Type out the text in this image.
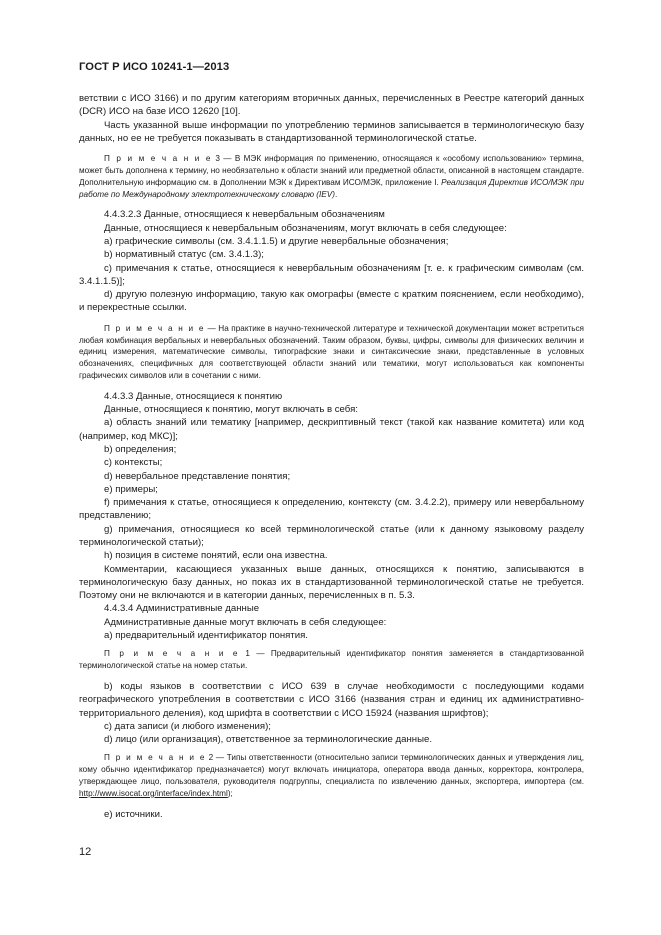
ГОСТ Р ИСО 10241-1—2013

ветствии с ИСО 3166) и по другим категориям вторичных данных, перечисленных в Реестре категорий данных (DCR) ИСО на базе ИСО 12620 [10].

Часть указанной выше информации по употреблению терминов записывается в терминологическую базу данных, но ее не требуется показывать в стандартизованной терминологической статье.

П р и м е ч а н и е 3 — В МЭК информация по применению, относящаяся к «особому использованию» термина, может быть дополнена к термину, но необязательно к области знаний или предметной области, описанной в настоящем стандарте. Дополнительную информацию см. в Дополнении МЭК к Директивам ИСО/МЭК, приложение I. Реализация Директив ИСО/МЭК при работе по Международному электротехническому словарю (IEV).

4.4.3.2.3 Данные, относящиеся к невербальным обозначениям

Данные, относящиеся к невербальным обозначениям, могут включать в себя следующее:

a) графические символы (см. 3.4.1.1.5) и другие невербальные обозначения;

b) нормативный статус (см. 3.4.1.3);

c) примечания к статье, относящиеся к невербальным обозначениям [т. е. к графическим символам (см. 3.4.1.1.5)];

d) другую полезную информацию, такую как омографы (вместе с кратким пояснением, если необходимо), и перекрестные ссылки.

П р и м е ч а н и е — На практике в научно-технической литературе и технической документации может встретиться любая комбинация вербальных и невербальных обозначений. Таким образом, буквы, цифры, символы для физических величин и единиц измерения, математические символы, типографские знаки и синтаксические знаки, представленные в условных обозначениях, специфичных для соответствующей области знаний или тематики, могут использоваться как компоненты графических символов или в сочетании с ними.

4.4.3.3 Данные, относящиеся к понятию

Данные, относящиеся к понятию, могут включать в себя:

a) область знаний или тематику [например, дескриптивный текст (такой как название комитета) или код (например, код МКС)];

b) определения;

c) контексты;

d) невербальное представление понятия;

e) примеры;

f) примечания к статье, относящиеся к определению, контексту (см. 3.4.2.2), примеру или невербальному представлению;

g) примечания, относящиеся ко всей терминологической статье (или к данному языковому разделу терминологической статьи);

h) позиция в системе понятий, если она известна.

Комментарии, касающиеся указанных выше данных, относящихся к понятию, записываются в терминологическую базу данных, но показ их в стандартизованной терминологической статье не требуется. Поэтому они не включаются и в категории данных, перечисленных в п. 5.3.

4.4.3.4 Административные данные

Административные данные могут включать в себя следующее:

a) предварительный идентификатор понятия.

П р и м е ч а н и е 1 — Предварительный идентификатор понятия заменяется в стандартизованной терминологической статье на номер статьи.

b) коды языков в соответствии с ИСО 639 в случае необходимости с последующими кодами географического употребления в соответствии с ИСО 3166 (названия стран и единиц их административно-территориального деления), код шрифта в соответствии с ИСО 15924 (названия шрифтов);

c) дата записи (и любого изменения);

d) лицо (или организация), ответственное за терминологические данные.

П р и м е ч а н и е 2 — Типы ответственности (относительно записи терминологических данных и утверждения лиц, кому обычно идентификатор предназначается) могут включать инициатора, оператора ввода данных, корректора, контролера, утверждающее лицо, пользователя, руководителя подгруппы, специалиста по извлечению данных, экспортера, импортера (см. http://www.isocat.org/interface/index.html);

e) источники.

12
